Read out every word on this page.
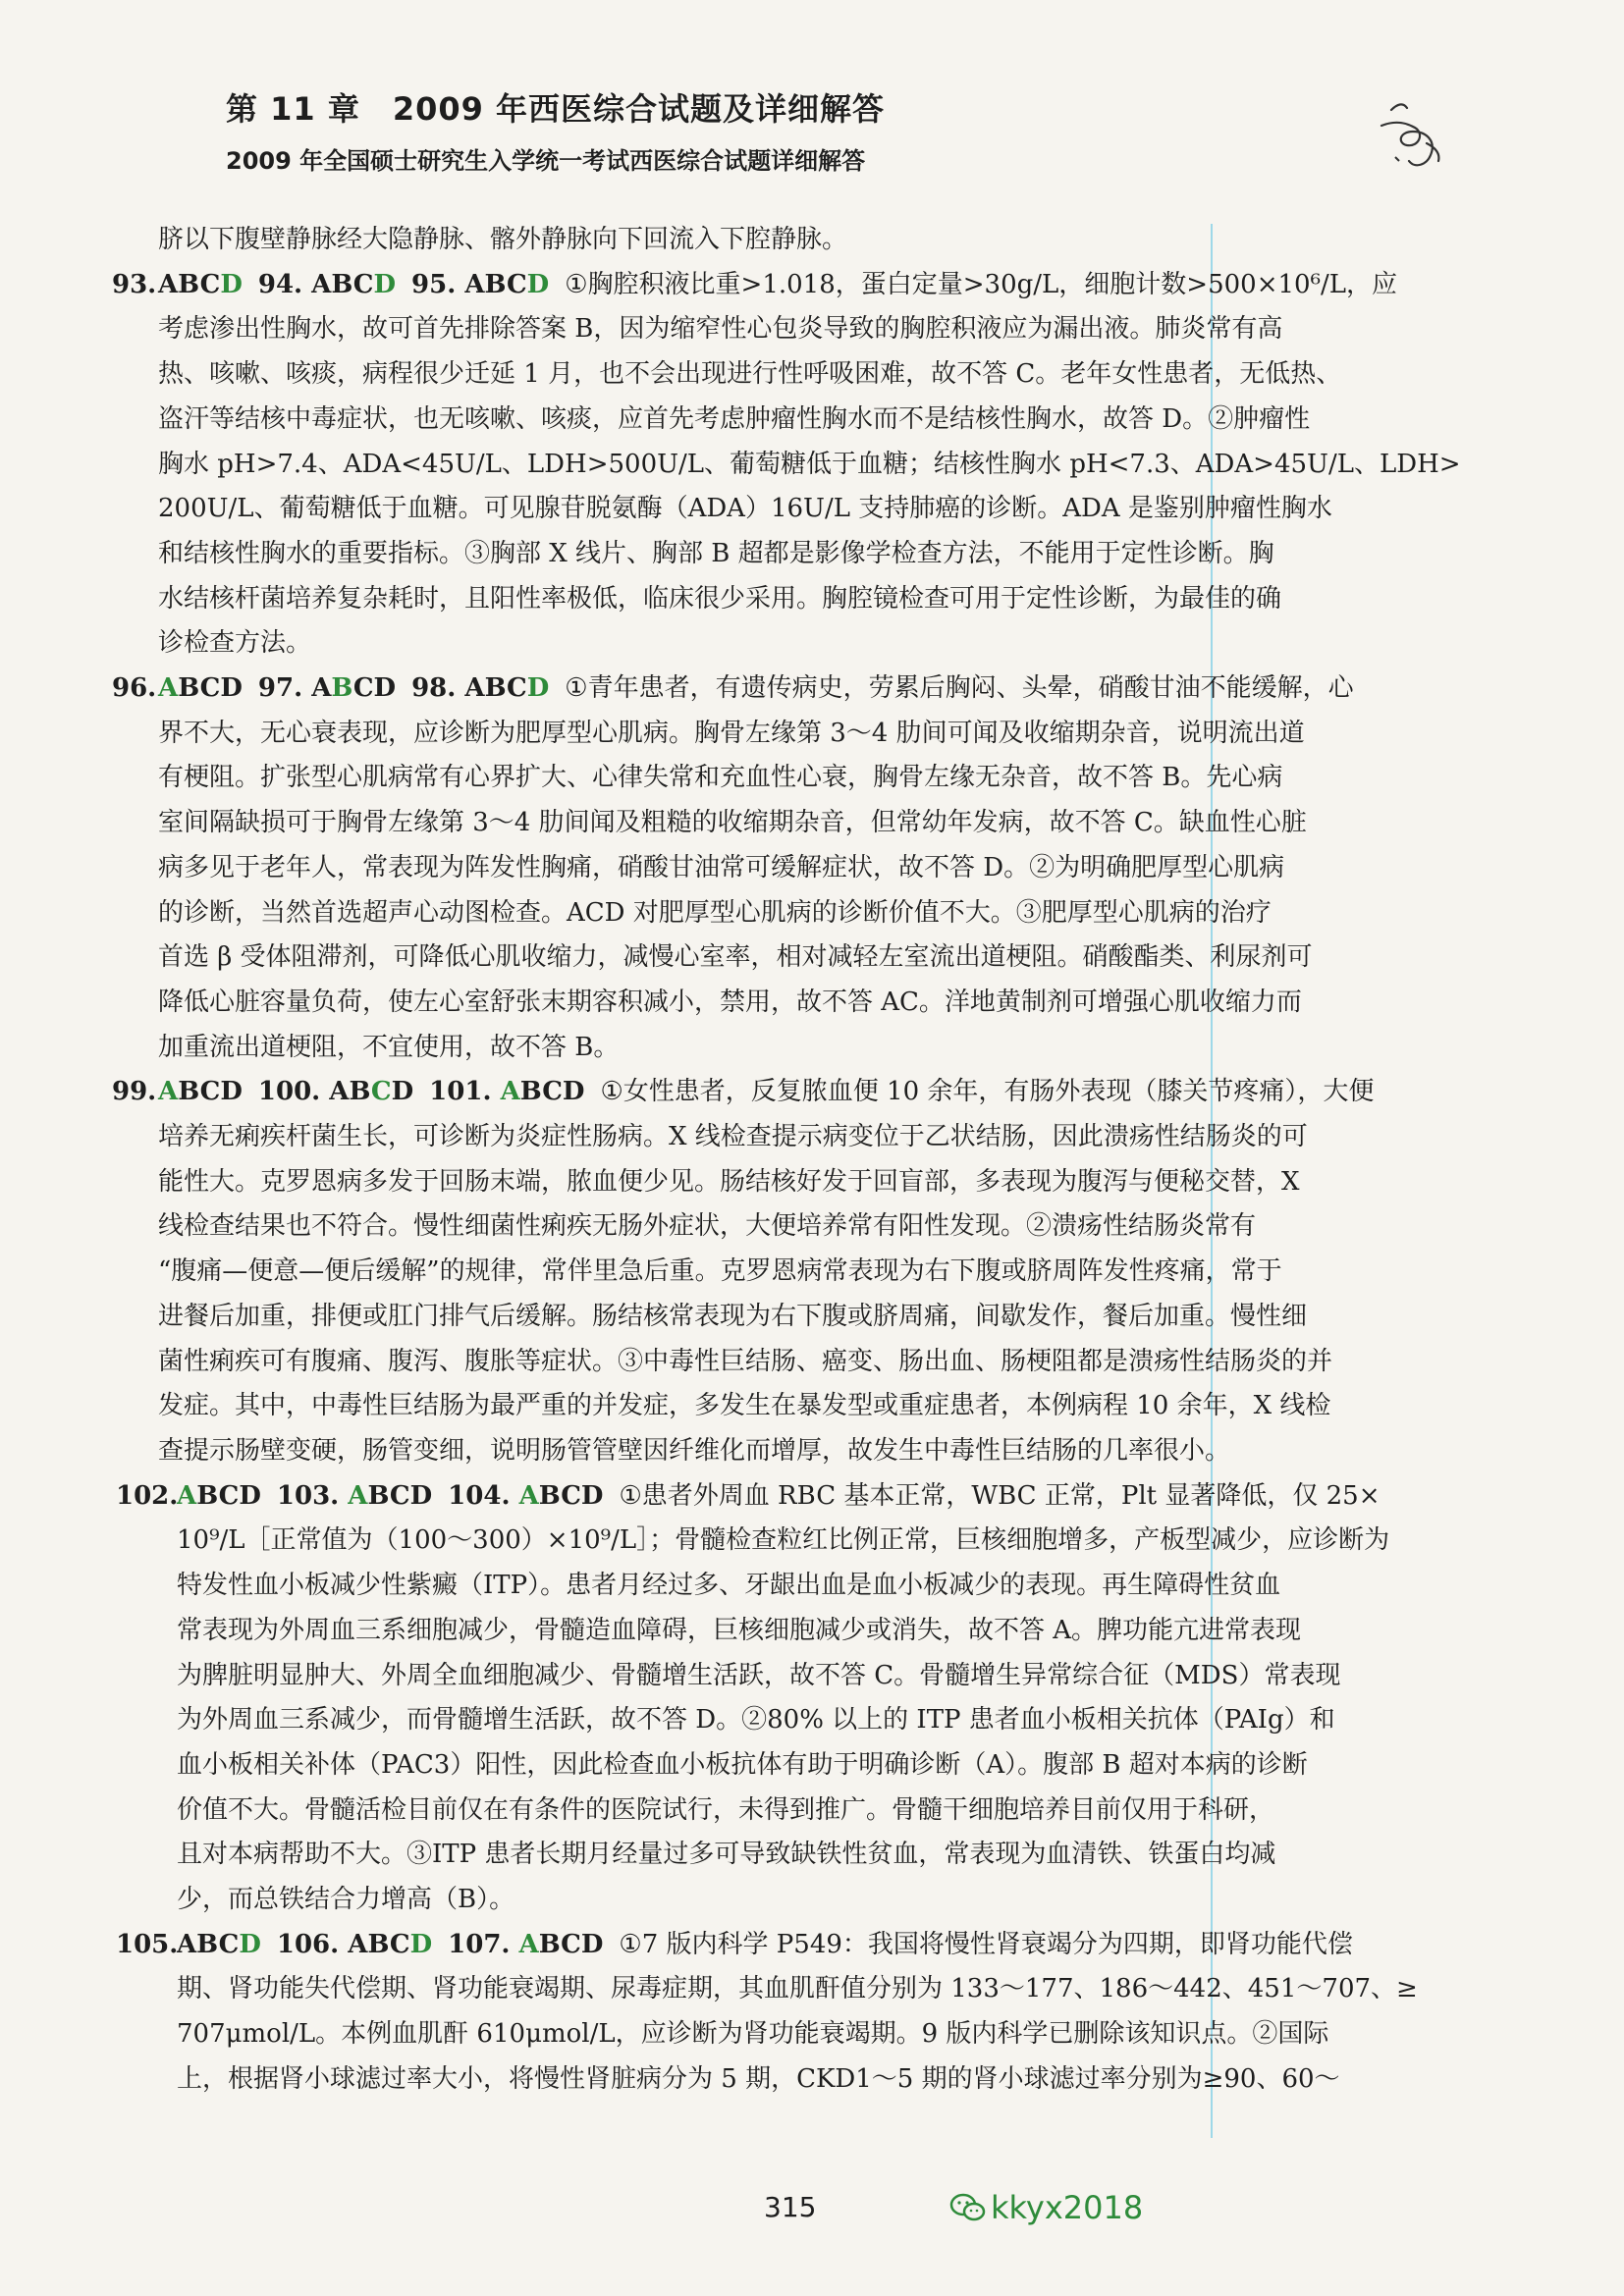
第 11 章　2009 年西医综合试题及详细解答
2009 年全国硕士研究生入学统一考试西医综合试题详细解答
脐以下腹壁静脉经大隐静脉、髂外静脉向下回流入下腔静脉。
93. ABCD 94. ABCD 95. ABCD ①胸腔积液比重>1.018，蛋白定量>30g/L，细胞计数>500×10⁶/L，应
考虑渗出性胸水，故可首先排除答案 B，因为缩窄性心包炎导致的胸腔积液应为漏出液。肺炎常有高
热、咳嗽、咳痰，病程很少迁延 1 月，也不会出现进行性呼吸困难，故不答 C。老年女性患者，无低热、
盗汗等结核中毒症状，也无咳嗽、咳痰，应首先考虑肿瘤性胸水而不是结核性胸水，故答 D。②肿瘤性
胸水 pH>7.4、ADA<45U/L、LDH>500U/L、葡萄糖低于血糖；结核性胸水 pH<7.3、ADA>45U/L、LDH>
200U/L、葡萄糖低于血糖。可见腺苷脱氨酶（ADA）16U/L 支持肺癌的诊断。ADA 是鉴别肿瘤性胸水
和结核性胸水的重要指标。③胸部 X 线片、胸部 B 超都是影像学检查方法，不能用于定性诊断。胸
水结核杆菌培养复杂耗时，且阳性率极低，临床很少采用。胸腔镜检查可用于定性诊断，为最佳的确
诊检查方法。
96. ABCD 97. ABCD 98. ABCD ①青年患者，有遗传病史，劳累后胸闷、头晕，硝酸甘油不能缓解，心
界不大，无心衰表现，应诊断为肥厚型心肌病。胸骨左缘第 3～4 肋间可闻及收缩期杂音，说明流出道
有梗阻。扩张型心肌病常有心界扩大、心律失常和充血性心衰，胸骨左缘无杂音，故不答 B。先心病
室间隔缺损可于胸骨左缘第 3～4 肋间闻及粗糙的收缩期杂音，但常幼年发病，故不答 C。缺血性心脏
病多见于老年人，常表现为阵发性胸痛，硝酸甘油常可缓解症状，故不答 D。②为明确肥厚型心肌病
的诊断，当然首选超声心动图检查。ACD 对肥厚型心肌病的诊断价值不大。③肥厚型心肌病的治疗
首选 β 受体阻滞剂，可降低心肌收缩力，减慢心室率，相对减轻左室流出道梗阻。硝酸酯类、利尿剂可
降低心脏容量负荷，使左心室舒张末期容积减小，禁用，故不答 AC。洋地黄制剂可增强心肌收缩力而
加重流出道梗阻，不宜使用，故不答 B。
99. ABCD 100. ABCD 101. ABCD ①女性患者，反复脓血便 10 余年，有肠外表现（膝关节疼痛），大便
培养无痢疾杆菌生长，可诊断为炎症性肠病。X 线检查提示病变位于乙状结肠，因此溃疡性结肠炎的可
能性大。克罗恩病多发于回肠末端，脓血便少见。肠结核好发于回盲部，多表现为腹泻与便秘交替，X
线检查结果也不符合。慢性细菌性痢疾无肠外症状，大便培养常有阳性发现。②溃疡性结肠炎常有
“腹痛—便意—便后缓解”的规律，常伴里急后重。克罗恩病常表现为右下腹或脐周阵发性疼痛，常于
进餐后加重，排便或肛门排气后缓解。肠结核常表现为右下腹或脐周痛，间歇发作，餐后加重。慢性细
菌性痢疾可有腹痛、腹泻、腹胀等症状。③中毒性巨结肠、癌变、肠出血、肠梗阻都是溃疡性结肠炎的并
发症。其中，中毒性巨结肠为最严重的并发症，多发生在暴发型或重症患者，本例病程 10 余年，X 线检
查提示肠壁变硬，肠管变细，说明肠管管壁因纤维化而增厚，故发生中毒性巨结肠的几率很小。
102.
ABCD 103. ABCD 104. ABCD ①患者外周血 RBC 基本正常，WBC 正常，Plt 显著降低，仅 25×
10⁹/L［正常值为（100～300）×10⁹/L］；骨髓检查粒红比例正常，巨核细胞增多，产板型减少，应诊断为
特发性血小板减少性紫癜（ITP）。患者月经过多、牙龈出血是血小板减少的表现。再生障碍性贫血
常表现为外周血三系细胞减少，骨髓造血障碍，巨核细胞减少或消失，故不答 A。脾功能亢进常表现
为脾脏明显肿大、外周全血细胞减少、骨髓增生活跃，故不答 C。骨髓增生异常综合征（MDS）常表现
为外周血三系减少，而骨髓增生活跃，故不答 D。②80% 以上的 ITP 患者血小板相关抗体（PAIg）和
血小板相关补体（PAC3）阳性，因此检查血小板抗体有助于明确诊断（A）。腹部 B 超对本病的诊断
价值不大。骨髓活检目前仅在有条件的医院试行，未得到推广。骨髓干细胞培养目前仅用于科研，
且对本病帮助不大。③ITP 患者长期月经量过多可导致缺铁性贫血，常表现为血清铁、铁蛋白均减
少，而总铁结合力增高（B）。
105.
ABCD 106. ABCD 107. ABCD ①7 版内科学 P549：我国将慢性肾衰竭分为四期，即肾功能代偿
期、肾功能失代偿期、肾功能衰竭期、尿毒症期，其血肌酐值分别为 133～177、186～442、451～707、≥
707μmol/L。本例血肌酐 610μmol/L，应诊断为肾功能衰竭期。9 版内科学已删除该知识点。②国际
上，根据肾小球滤过率大小，将慢性肾脏病分为 5 期，CKD1～5 期的肾小球滤过率分别为≥90、60～
315	kkyx2018
